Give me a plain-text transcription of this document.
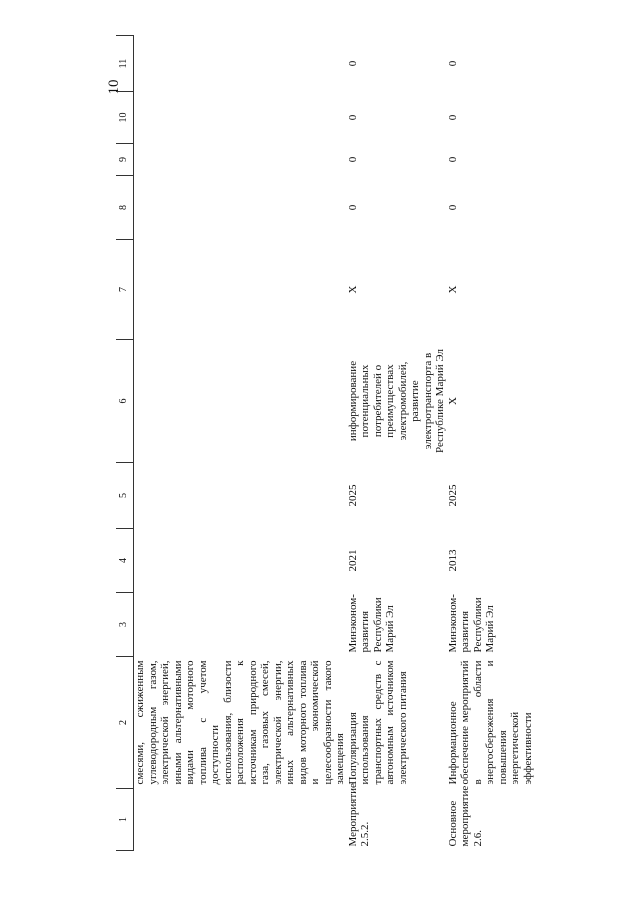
10
1	2	3	4	5	6	7	8	9	10	11
	смесями, сжиженным углеводородным газом, электрической энергией, иными альтернативными видами моторного топлива с учетом доступности использования, близости расположения к источникам природного газа, газовых смесей, электрической энергии, иных альтернативных видов моторного топлива и экономической целесообразности такого замещения									
Мероприятие 2.5.2.	Популяризация использования транспортных средств с автономным источником электрического питания	Минэконом-развития Республики Марий Эл	2021	2025	информирование потенциальных потребителей о преимуществах электромобилей, развитие электротранспорта в Республике Марий Эл	X	0	0	0	0
Основное мероприятие 2.6.	Информационное обеспечение мероприятий в области энергосбережения и повышения энергетической эффективности	Минэконом-развития Республики Марий Эл	2013	2025	X	X	0	0	0	0
